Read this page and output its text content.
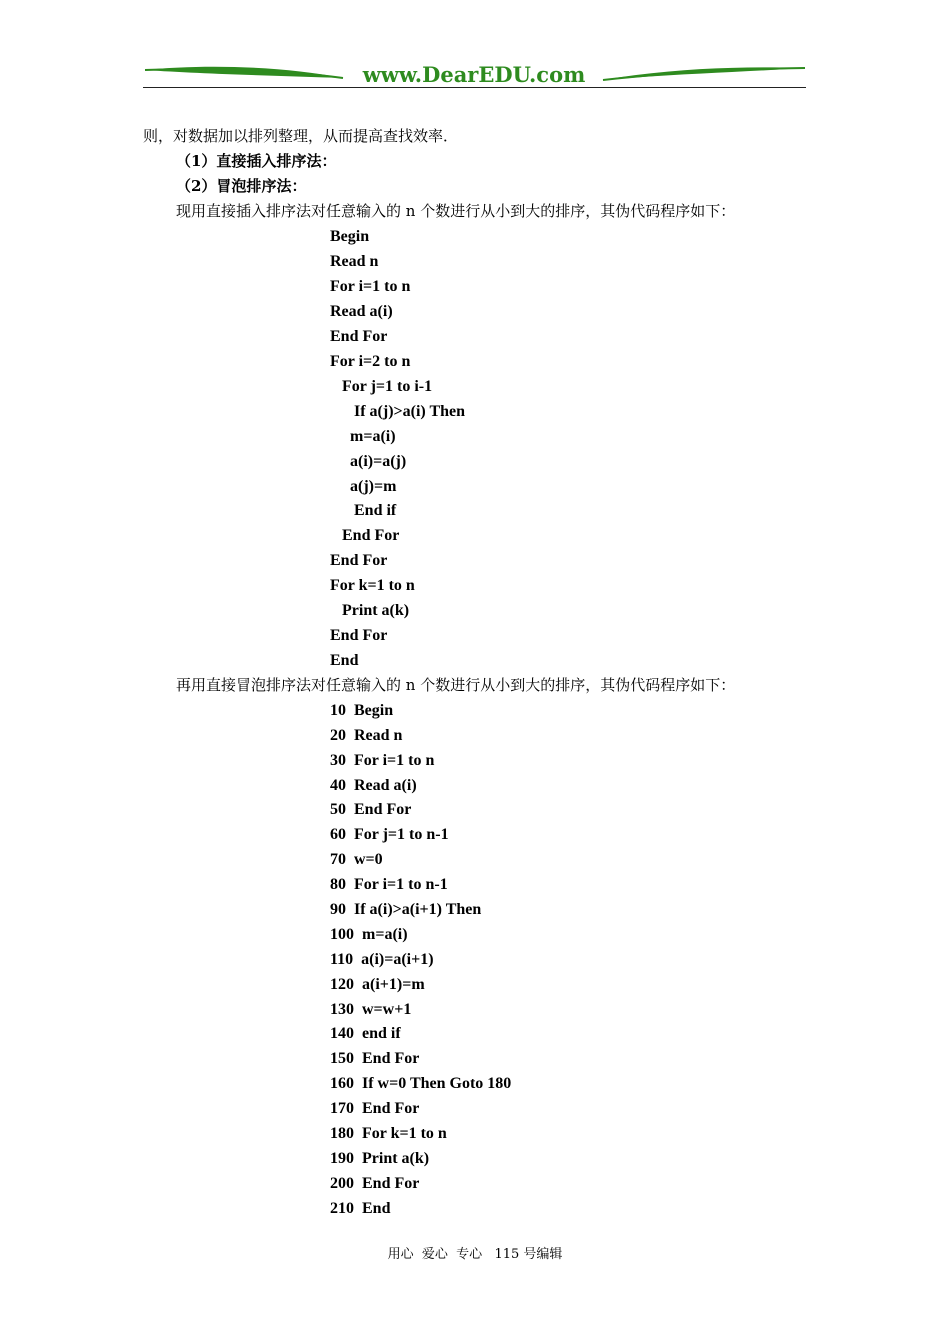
www.DearEDU.com
则，对数据加以排列整理，从而提高查找效率．
（1）直接插入排序法：
（2）冒泡排序法：
现用直接插入排序法对任意输入的 n 个数进行从小到大的排序，其伪代码程序如下：
Begin
Read n
For i=1 to n
Read a(i)
End For
For i=2 to n
For j=1 to i-1
If a(j)>a(i) Then
m=a(i)
a(i)=a(j)
a(j)=m
End if
End For
End For
For k=1 to n
Print a(k)
End For
End
再用直接冒泡排序法对任意输入的 n 个数进行从小到大的排序，其伪代码程序如下：
10  Begin
20  Read n
30  For i=1 to n
40  Read a(i)
50  End For
60  For j=1 to n-1
70  w=0
80  For i=1 to n-1
90  If a(i)>a(i+1) Then
100  m=a(i)
110  a(i)=a(i+1)
120  a(i+1)=m
130  w=w+1
140  end if
150  End For
160  If w=0 Then Goto 180
170  End For
180  For k=1 to n
190  Print a(k)
200  End For
210  End
用心  爱心  专心   115 号编辑
